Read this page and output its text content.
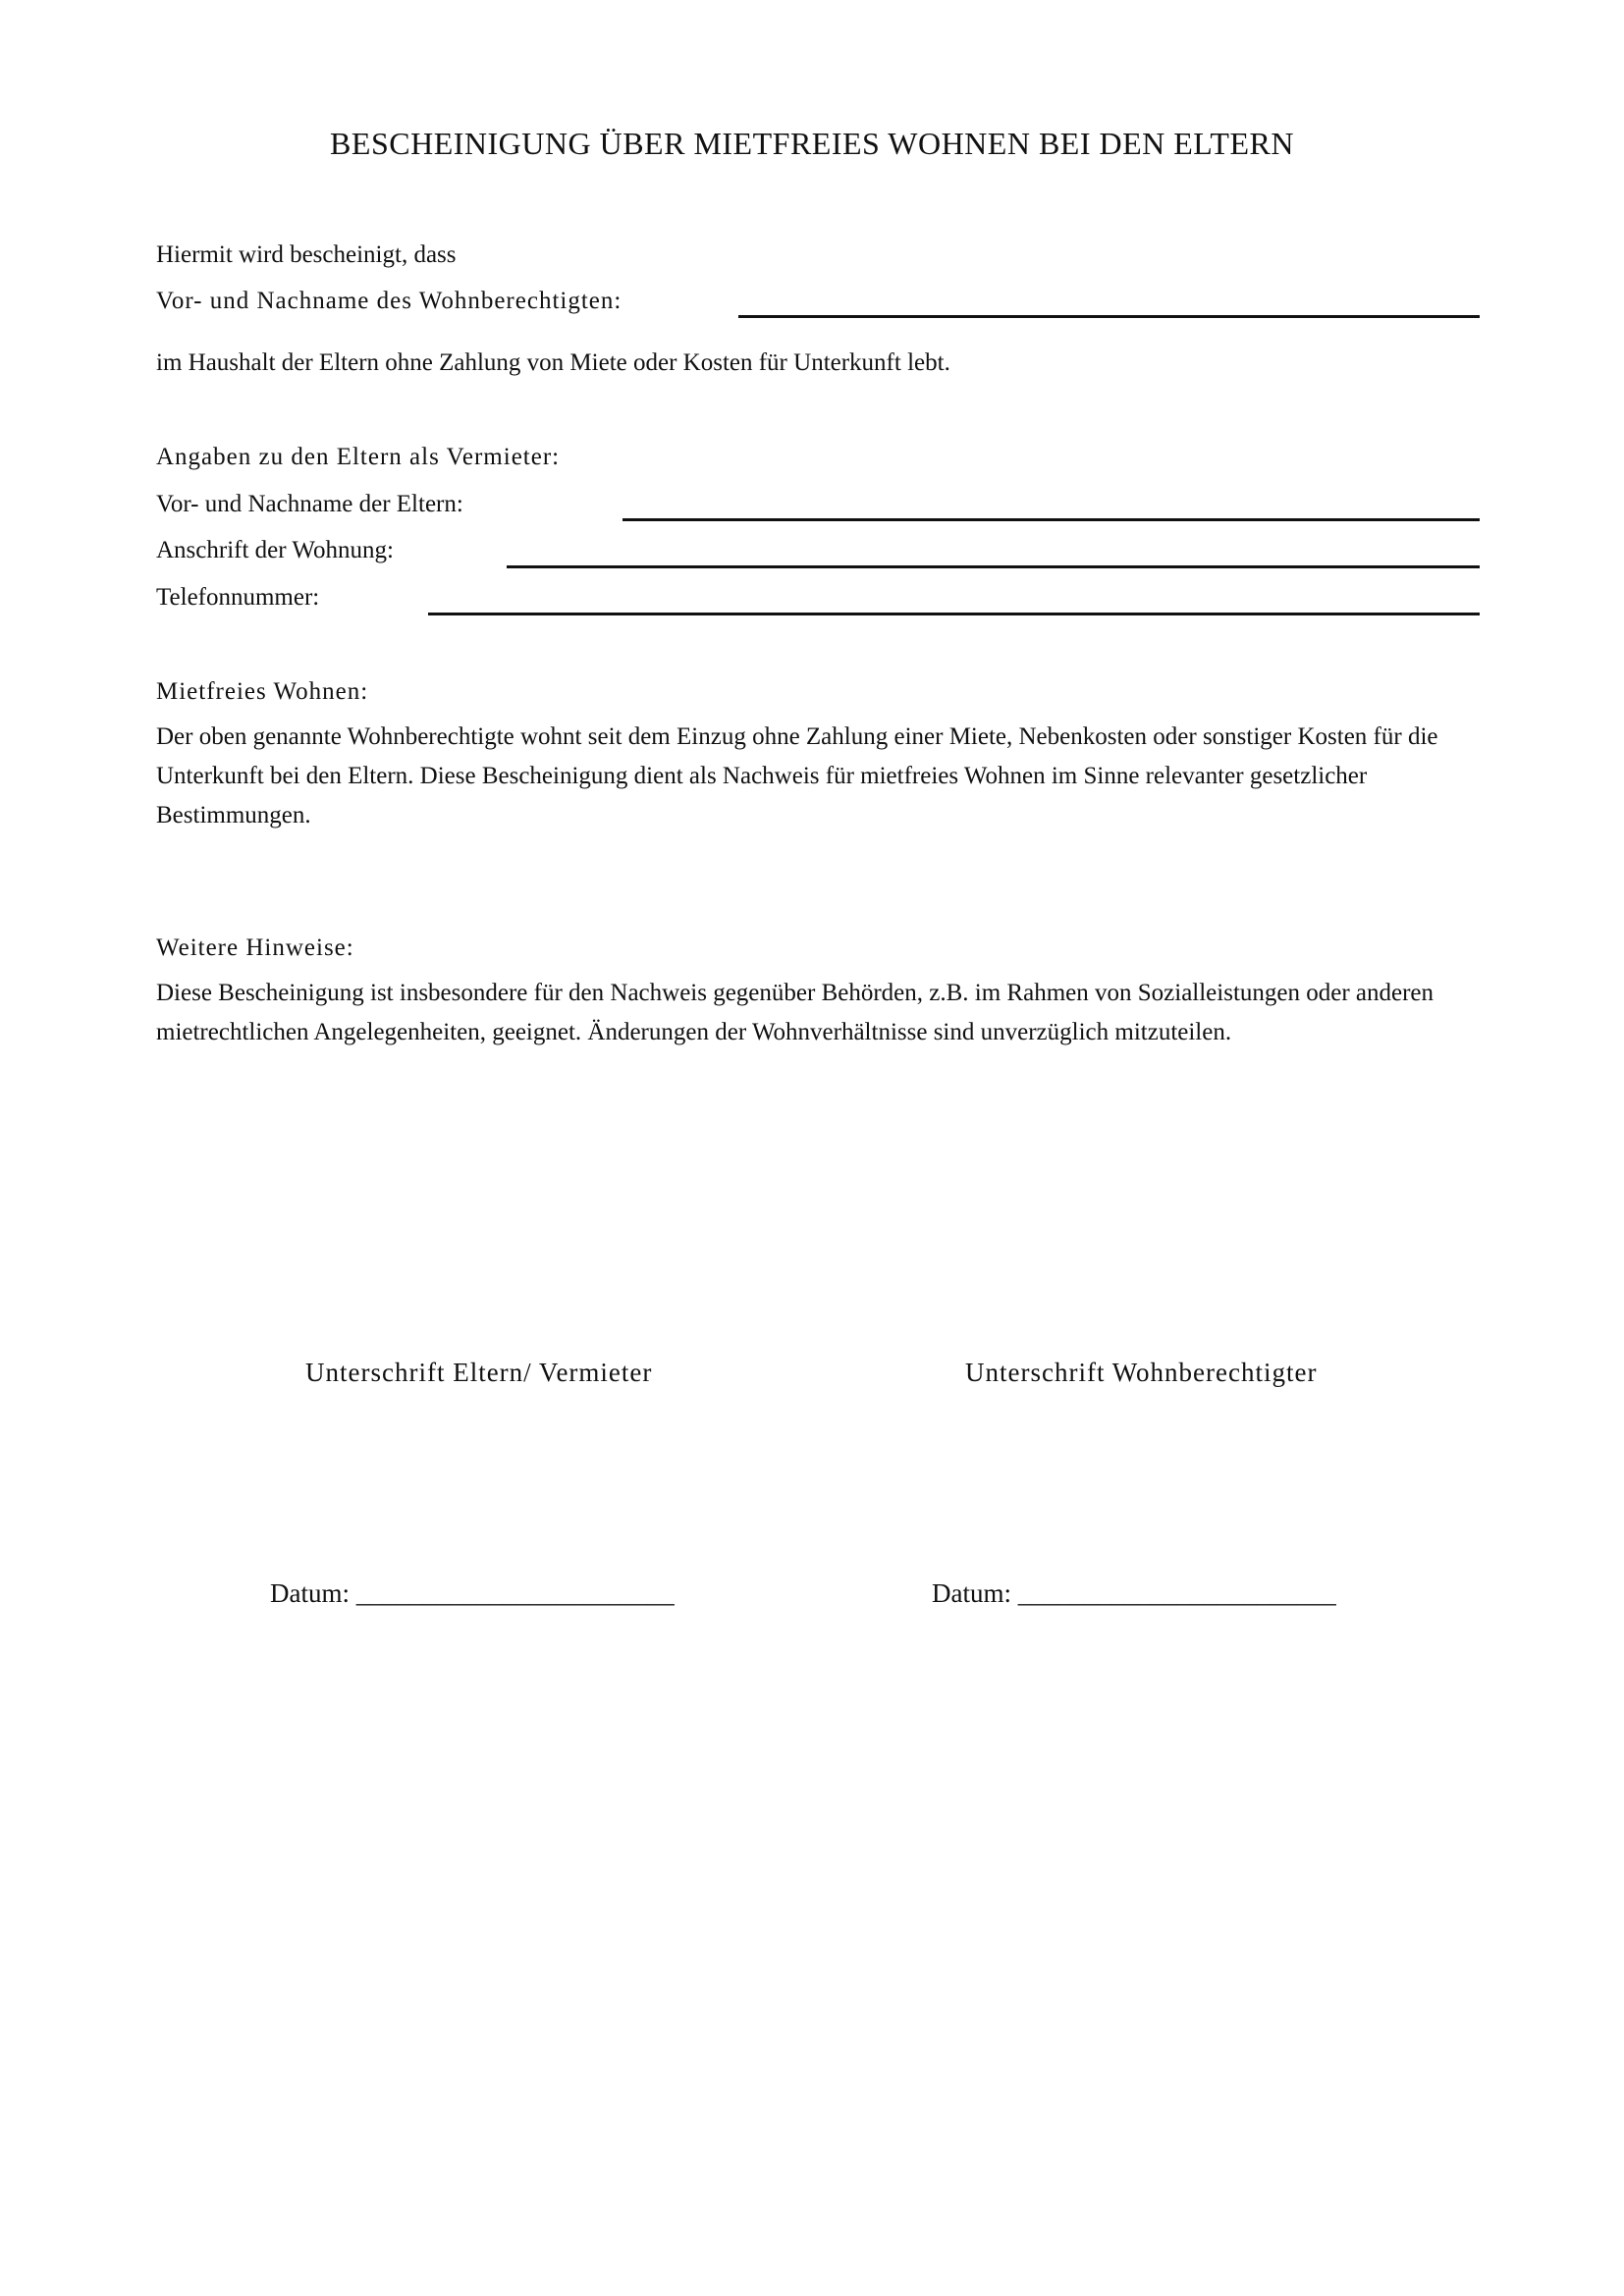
BESCHEINIGUNG ÜBER MIETFREIES WOHNEN BEI DEN ELTERN
Hiermit wird bescheinigt, dass
Vor- und Nachname des Wohnberechtigten:
im Haushalt der Eltern ohne Zahlung von Miete oder Kosten für Unterkunft lebt.
Angaben zu den Eltern als Vermieter:
Vor- und Nachname der Eltern:
Anschrift der Wohnung:
Telefonnummer:
Mietfreies Wohnen:
Der oben genannte Wohnberechtigte wohnt seit dem Einzug ohne Zahlung einer Miete, Nebenkosten oder sonstiger Kosten für die Unterkunft bei den Eltern. Diese Bescheinigung dient als Nachweis für mietfreies Wohnen im Sinne relevanter gesetzlicher Bestimmungen.
Weitere Hinweise:
Diese Bescheinigung ist insbesondere für den Nachweis gegenüber Behörden, z.B. im Rahmen von Sozialleistungen oder anderen mietrechtlichen Angelegenheiten, geeignet. Änderungen der Wohnverhältnisse sind unverzüglich mitzuteilen.
Unterschrift Eltern/ Vermieter	Unterschrift Wohnberechtigter
Datum: ________________________	Datum: ________________________
